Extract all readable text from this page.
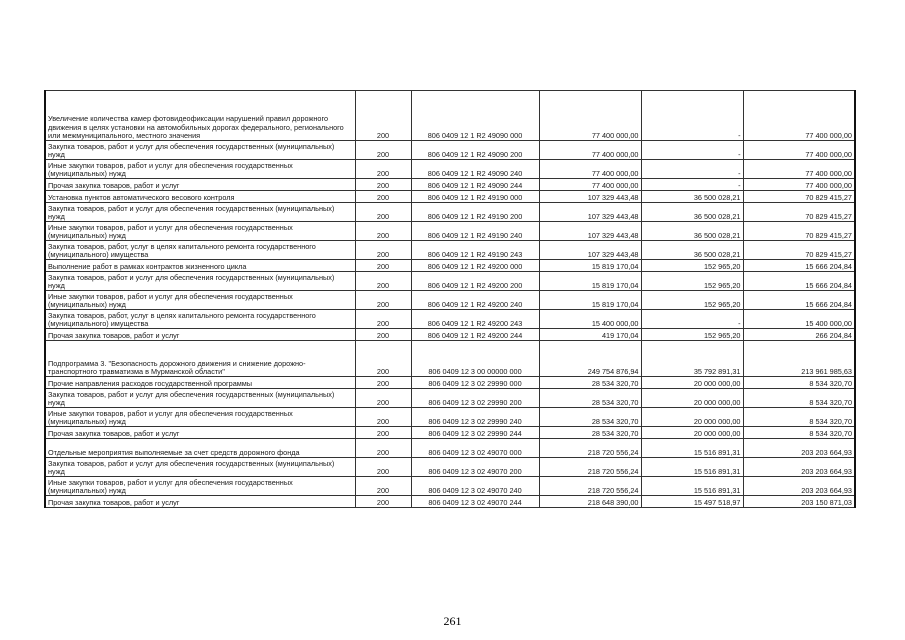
Увеличение количества камер фотовидеофиксации нарушений правил дорожного движения в целях установки на автомобильных дорогах федерального, регионального или межмуниципального, местного значения	200	806 0409 12 1 R2 49090 000	77 400 000,00	-	77 400 000,00
Закупка товаров, работ и услуг для обеспечения государственных (муниципальных) нужд	200	806 0409 12 1 R2 49090 200	77 400 000,00	-	77 400 000,00
Иные закупки товаров, работ и услуг для обеспечения государственных (муниципальных) нужд	200	806 0409 12 1 R2 49090 240	77 400 000,00	-	77 400 000,00
Прочая закупка товаров, работ и услуг	200	806 0409 12 1 R2 49090 244	77 400 000,00	-	77 400 000,00
Установка пунктов автоматического весового контроля	200	806 0409 12 1 R2 49190 000	107 329 443,48	36 500 028,21	70 829 415,27
Закупка товаров, работ и услуг для обеспечения государственных (муниципальных) нужд	200	806 0409 12 1 R2 49190 200	107 329 443,48	36 500 028,21	70 829 415,27
Иные закупки товаров, работ и услуг для обеспечения государственных (муниципальных) нужд	200	806 0409 12 1 R2 49190 240	107 329 443,48	36 500 028,21	70 829 415,27
Закупка товаров, работ, услуг в целях капитального ремонта государственного (муниципального) имущества	200	806 0409 12 1 R2 49190 243	107 329 443,48	36 500 028,21	70 829 415,27
Выполнение работ в рамках контрактов жизненного цикла	200	806 0409 12 1 R2 49200 000	15 819 170,04	152 965,20	15 666 204,84
Закупка товаров, работ и услуг для обеспечения государственных (муниципальных) нужд	200	806 0409 12 1 R2 49200 200	15 819 170,04	152 965,20	15 666 204,84
Иные закупки товаров, работ и услуг для обеспечения государственных (муниципальных) нужд	200	806 0409 12 1 R2 49200 240	15 819 170,04	152 965,20	15 666 204,84
Закупка товаров, работ, услуг в целях капитального ремонта государственного (муниципального) имущества	200	806 0409 12 1 R2 49200 243	15 400 000,00	-	15 400 000,00
Прочая закупка товаров, работ и услуг	200	806 0409 12 1 R2 49200 244	419 170,04	152 965,20	266 204,84
Подпрограмма 3. "Безопасность дорожного движения и снижение дорожно-транспортного травматизма в Мурманской области"	200	806 0409 12 3 00 00000 000	249 754 876,94	35 792 891,31	213 961 985,63
Прочие направления расходов государственной программы	200	806 0409 12 3 02 29990 000	28 534 320,70	20 000 000,00	8 534 320,70
Закупка товаров, работ и услуг для обеспечения государственных (муниципальных) нужд	200	806 0409 12 3 02 29990 200	28 534 320,70	20 000 000,00	8 534 320,70
Иные закупки товаров, работ и услуг для обеспечения государственных (муниципальных) нужд	200	806 0409 12 3 02 29990 240	28 534 320,70	20 000 000,00	8 534 320,70
Прочая закупка товаров, работ и услуг	200	806 0409 12 3 02 29990 244	28 534 320,70	20 000 000,00	8 534 320,70
Отдельные мероприятия выполняемые за счет средств дорожного фонда	200	806 0409 12 3 02 49070 000	218 720 556,24	15 516 891,31	203 203 664,93
Закупка товаров, работ и услуг для обеспечения государственных (муниципальных) нужд	200	806 0409 12 3 02 49070 200	218 720 556,24	15 516 891,31	203 203 664,93
Иные закупки товаров, работ и услуг для обеспечения государственных (муниципальных) нужд	200	806 0409 12 3 02 49070 240	218 720 556,24	15 516 891,31	203 203 664,93
Прочая закупка товаров, работ и услуг	200	806 0409 12 3 02 49070 244	218 648 390,00	15 497 518,97	203 150 871,03
261
